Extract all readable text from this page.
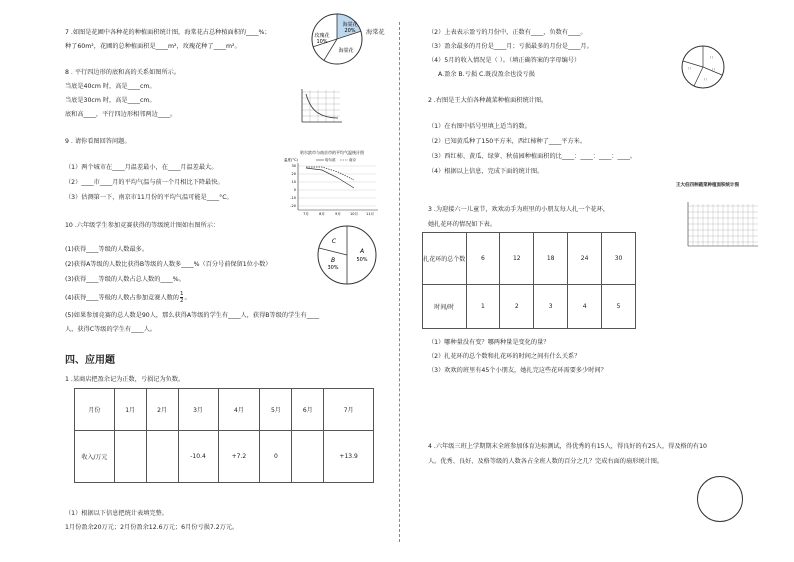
7 .如图是花圃中各种花的种植面积统计图，海棠花占总种植面积的____%；
种了60m²，花圃的总种植面积是____m²，玫瑰花种了____m²。
海棠花
20%
玫瑰花
10%
海棠花
海棠花
8 . 平行四边形的底和高的关系如图所示。
当底是40cm 时，高是____cm。
当底是30cm 时，高是____cm。
底和高____，平行四边形相邻两边____。
9 . 请你看图回答问题。
（1）两个城市在____月温差最小，在____月温差最大。
（2）____市____月的平均气温与前一个月相比下降最快。
（3）估测第一下，南京市11月份的平均气温可能是____°C。
哈尔滨市与南京市的平均气温统计图
温度(°C)	哈尔滨	南京
30
20
10
0
-10
-20
7月	8月	9月	10月 11月
10 .六年级学生参加竞赛获得的等级统计图如右图所示：
(1)获得____等级的人数最多。
(2)获得A等级的人数比获得B等级的人数多____%（百分号前保留1位小数）
(3)获得____等级的人数占总人数的____%。
(4)获得____等级的人数占参加竞赛人数的 $\frac{1}{2}$ 。
(5)如果参加竞赛的总人数是90人，那么获得A等级的学生有____人，获得B等级的学生有____
人，获得C等级的学生有____人。
C
A
B	50%
30%
四、应用题
1 .某商店把盈余记为正数，亏损记为负数。
月份	1月	2月	3月	4月	5月	6月	7月
收入/万元			-10.4	+7.2	0		+13.9
（1）根据以下信息把统计表填完整。
1月份盈余20万元；2月份盈余12.6万元；6月份亏损7.2万元。
（2）上表表示盈亏的月份中，正数有____，负数有____。
（3）盈余最多的月份是____月；亏损最多的月份是____月。
（4）5月的收入情况是（ ）。（填正确答案的字母编号）
A.盈余 B.亏损 C.既没盈余也没亏损
( )
( )
( )
( )
2 .右图是王大伯各种蔬菜种植面积统计图。
（1）在右图中括号里填上适当的数。
（2）已知黄瓜种了150平方米，西红柿种了____平方米。
（3）西红柿、黄瓜、绿萝、秋茄园种植面积的比____：____：____：____。
（4）根据以上信息，完成下面的统计图。
王大伯四种蔬菜种植面积统计图
3 .为迎接六一儿童节，欢欢动手为班里的小朋友每人扎一个花环，
她扎花环的情况如下表。
扎花环的总个数	6	12	18	24	30
时间/时	1	2	3	4	5
（1）哪种量没有变？哪两种量是变化的量？
（2）扎花环的总个数和扎花环的时间之间有什么关系？
（3）欢欢的班里有45个小朋友，她扎完这些花环需要多少时间？
4 .六年级三班上学期期末全班参加体育达标测试，得优秀的有15人，得良好的有25人，得及格的有10
人。优秀、良好、及格等级的人数各占全班人数的百分之几？完成右面的扇形统计图。
